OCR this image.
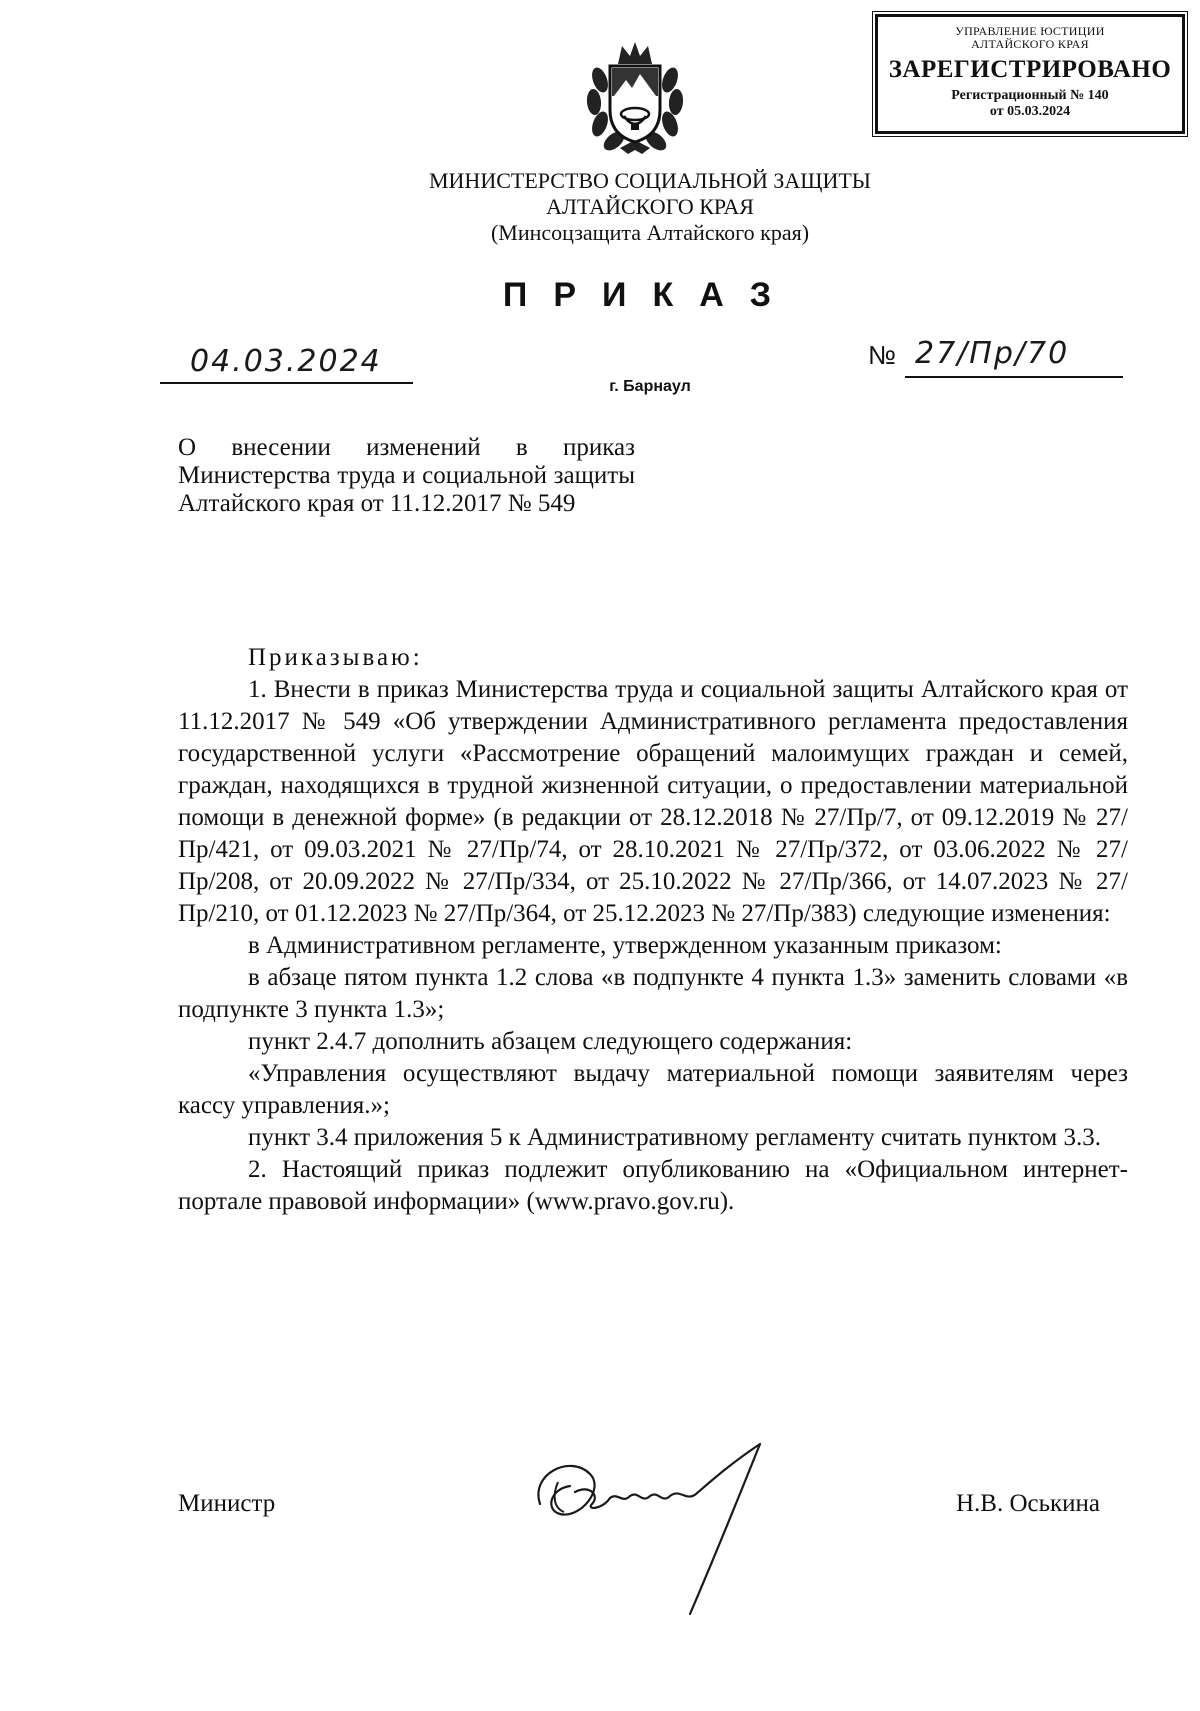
УПРАВЛЕНИЕ ЮСТИЦИИ
АЛТАЙСКОГО КРАЯ
ЗАРЕГИСТРИРОВАНО
Регистрационный № 140
от 05.03.2024
МИНИСТЕРСТВО СОЦИАЛЬНОЙ ЗАЩИТЫ
АЛТАЙСКОГО КРАЯ
(Минсоцзащита Алтайского края)
ПРИКАЗ
04.03.2024	№ 27/Пр/70
г. Барнаул
О внесении изменений в приказ Министерства труда и социальной защиты Алтайского края от 11.12.2017 № 549

Приказываю:

1. Внести в приказ Министерства труда и социальной защиты Алтайского края от 11.12.2017 № 549 «Об утверждении Административного регламента предоставления государственной услуги «Рассмотрение обращений малоимущих граждан и семей, граждан, находящихся в трудной жизненной ситуации, о предоставлении материальной помощи в денежной форме» (в редакции от 28.12.2018 № 27/Пр/7, от 09.12.2019 № 27/Пр/421, от 09.03.2021 № 27/Пр/74, от 28.10.2021 № 27/Пр/372, от 03.06.2022 № 27/Пр/208, от 20.09.2022 № 27/Пр/334, от 25.10.2022 № 27/Пр/366, от 14.07.2023 № 27/Пр/210, от 01.12.2023 № 27/Пр/364, от 25.12.2023 № 27/Пр/383) следующие изменения:

в Административном регламенте, утвержденном указанным приказом:

в абзаце пятом пункта 1.2 слова «в подпункте 4 пункта 1.3» заменить словами «в подпункте 3 пункта 1.3»;

пункт 2.4.7 дополнить абзацем следующего содержания:

«Управления осуществляют выдачу материальной помощи заявителям через кассу управления.»;

пункт 3.4 приложения 5 к Административному регламенту считать пунктом 3.3.

2. Настоящий приказ подлежит опубликованию на «Официальном интернет-портале правовой информации» (www.pravo.gov.ru).

Министр	Н.В. Оськина
